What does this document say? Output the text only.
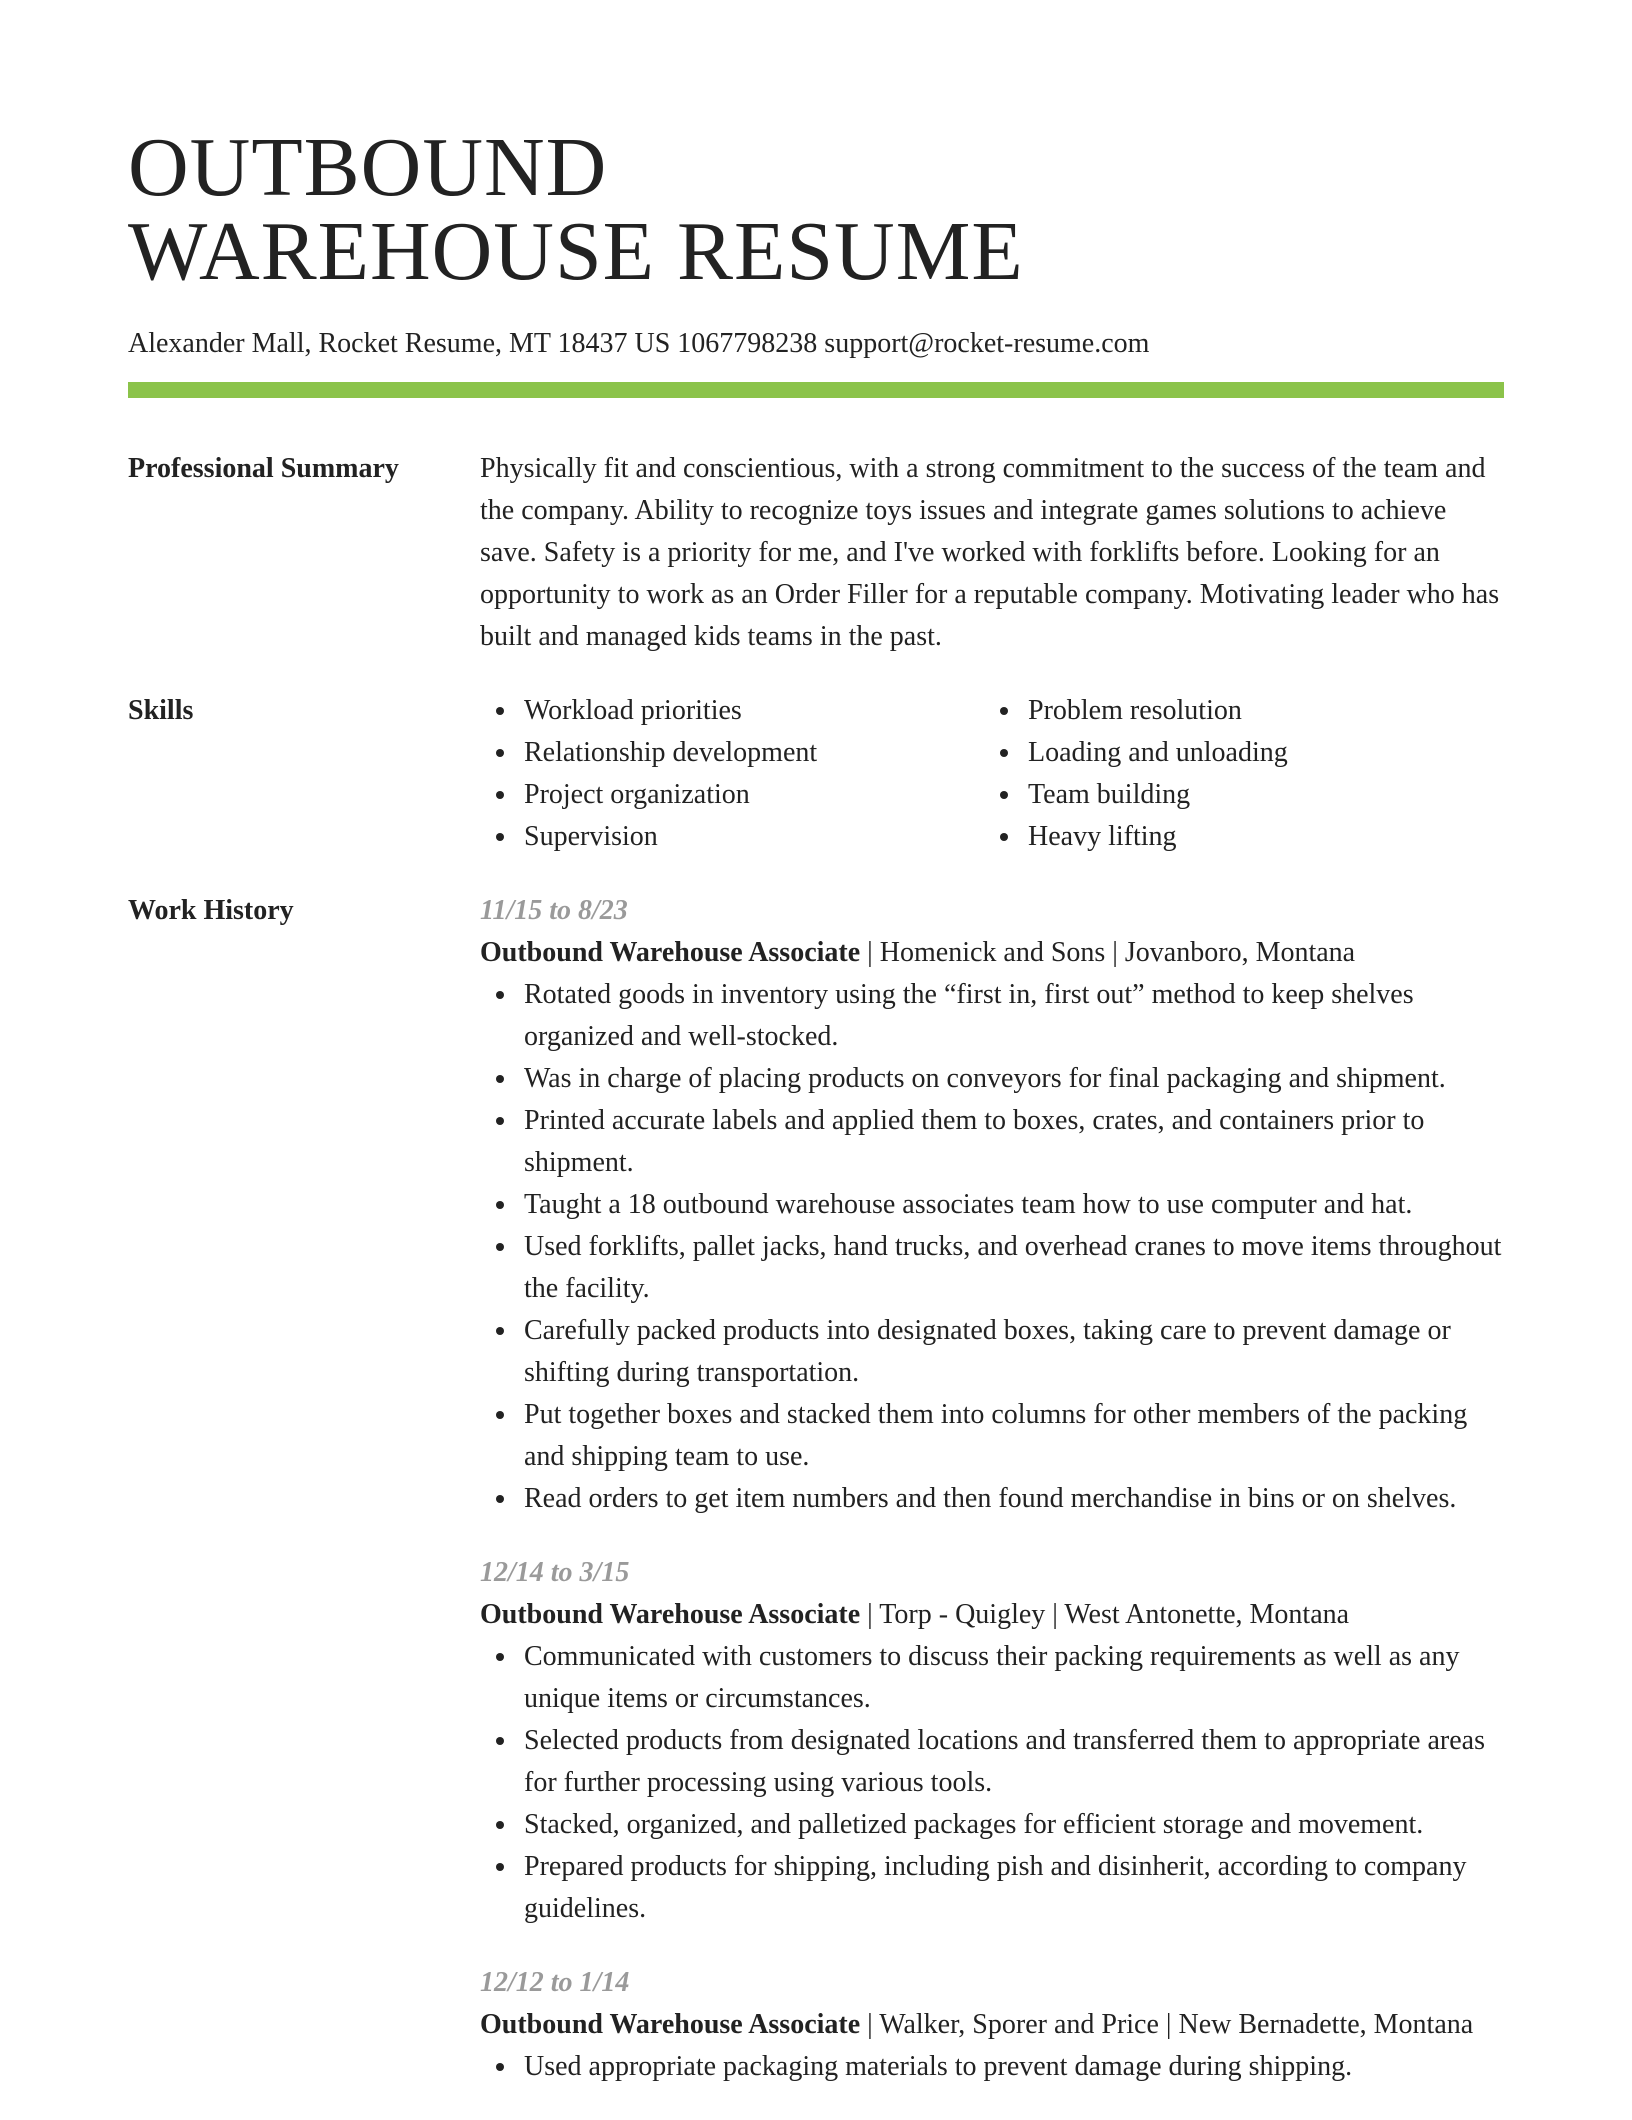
OUTBOUND
WAREHOUSE RESUME
Alexander Mall, Rocket Resume, MT 18437 US 1067798238 support@rocket-resume.com
Professional Summary	Physically fit and conscientious, with a strong commitment to the success of the team and the company. Ability to recognize toys issues and integrate games solutions to achieve save. Safety is a priority for me, and I've worked with forklifts before. Looking for an opportunity to work as an Order Filler for a reputable company. Motivating leader who has built and managed kids teams in the past.

Skills	Workload priorities
Relationship development
Project organization
Supervision
Problem resolution
Loading and unloading
Team building
Heavy lifting
Work History	11/15 to 8/23
Outbound Warehouse Associate | Homenick and Sons | Jovanboro, Montana
Rotated goods in inventory using the “first in, first out” method to keep shelves organized and well-stocked.
Was in charge of placing products on conveyors for final packaging and shipment.
Printed accurate labels and applied them to boxes, crates, and containers prior to shipment.
Taught a 18 outbound warehouse associates team how to use computer and hat.
Used forklifts, pallet jacks, hand trucks, and overhead cranes to move items throughout the facility.
Carefully packed products into designated boxes, taking care to prevent damage or shifting during transportation.
Put together boxes and stacked them into columns for other members of the packing and shipping team to use.
Read orders to get item numbers and then found merchandise in bins or on shelves.
12/14 to 3/15
Outbound Warehouse Associate | Torp - Quigley | West Antonette, Montana
Communicated with customers to discuss their packing requirements as well as any unique items or circumstances.
Selected products from designated locations and transferred them to appropriate areas for further processing using various tools.
Stacked, organized, and palletized packages for efficient storage and movement.
Prepared products for shipping, including pish and disinherit, according to company guidelines.
12/12 to 1/14
Outbound Warehouse Associate | Walker, Sporer and Price | New Bernadette, Montana
Used appropriate packaging materials to prevent damage during shipping.
